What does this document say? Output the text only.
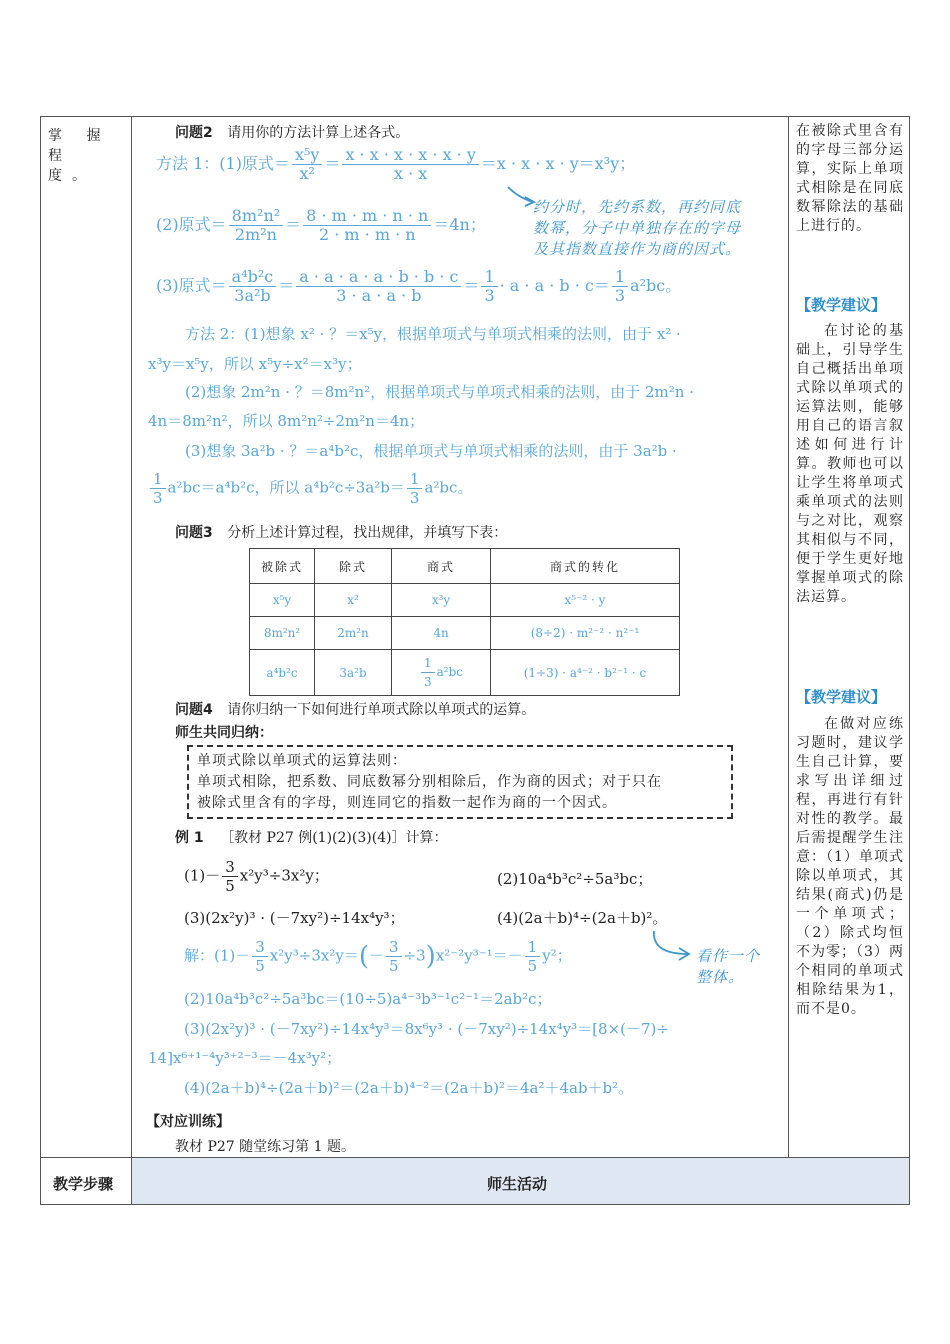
掌 握 程 度。
问题2 请用你的方法计算上述各式。
方法 1：(1)原式＝ $\frac{\text{x⁵y}}{\text{x²}} = \frac{x \cdot x \cdot x \cdot x \cdot x \cdot y}{x \cdot x} =x \cdot x \cdot x \cdot y=x^3y$；
(2)原式＝ $\frac{\text{8m²n²}}{\text{2m²n}} = \frac{8 \cdot m \cdot m \cdot n \cdot n}{2 \cdot m \cdot m \cdot n} =4n$；
(3)原式＝ $\frac{\text{a⁴b²c}}{\text{3a²b}} = \frac{a \cdot a \cdot a \cdot a \cdot b \cdot b \cdot c}{3 \cdot a \cdot a \cdot b} = \frac{1}{3} \cdot a \cdot a \cdot b \cdot c= \frac{1}{3} a^2bc$。
约分时，先约系数，再约同底
数幂，分子中单独存在的字母
及其指数直接作为商的因式。
方法 2：(1)想象 x² · ？＝x⁵y，根据单项式与单项式相乘的法则，由于 x² ·
x³y＝x⁵y，所以 x⁵y÷x²＝x³y；
(2)想象 2m²n · ？＝8m²n²，根据单项式与单项式相乘的法则，由于 2m²n ·
4n＝8m²n²，所以 8m²n²÷2m²n＝4n；
(3)想象 3a²b · ？＝a⁴b²c，根据单项式与单项式相乘的法则，由于 3a²b ·
$\frac{1}{3} a^2bc=a^4b^2c$，所以 $a^4b^2c\div 3a^2b= \frac{1}{3} a^2bc$。
问题3 分析上述计算过程，找出规律，并填写下表：
被除式	除式	商式	商式的转化
x⁵y	x²	x³y	x⁵⁻² · y
8m²n²	2m²n	4n	(8÷2) · m²⁻² · n²⁻¹
a⁴b²c	3a²b	$\frac{1}{3} a^2bc$	(1÷3) · a⁴⁻² · b²⁻¹ · c
问题4 请你归纳一下如何进行单项式除以单项式的运算。
师生共同归纳：
单项式除以单项式的运算法则：
单项式相除，把系数、同底数幂分别相除后，作为商的因式；对于只在
被除式里含有的字母，则连同它的指数一起作为商的一个因式。
例 1 ［教材 P27 例(1)(2)(3)(4)］计算：
$(1)- \frac{3}{5} x^2y^3\div 3x^2y$；	(2)10a⁴b³c²÷5a³bc；
(3)(2x²y)³ · (－7xy²)÷14x⁴y³；	(4)(2a＋b)⁴÷(2a＋b)²。
解：$(1)- \frac{3}{5} x^2y^3\div 3x^2y=(- \frac{3}{5} \div 3)x^{2-2}y^{3-1}=- \frac{1}{5} y^2$；	看作一个
整体。
(2)10a⁴b³c²÷5a³bc＝(10÷5)a⁴⁻³b³⁻¹c²⁻¹＝2ab²c；
(3)(2x²y)³ · (－7xy²)÷14x⁴y³＝8x⁶y³ · (－7xy²)÷14x⁴y³＝[8×(－7)÷
14]x⁶⁺¹⁻⁴y³⁺²⁻³＝－4x³y²；
(4)(2a＋b)⁴÷(2a＋b)²＝(2a＋b)⁴⁻²＝(2a＋b)²＝4a²＋4ab＋b²。
【对应训练】
教材 P27 随堂练习第 1 题。
在被除式里含有的字母三部分运算，实际上单项式相除是在同底数幂除法的基础上进行的。
【教学建议】
在讨论的基础上，引导学生自己概括出单项式除以单项式的运算法则，能够用自己的语言叙述如何进行计算。教师也可以让学生将单项式乘单项式的法则与之对比，观察其相似与不同，便于学生更好地掌握单项式的除法运算。
【教学建议】
在做对应练习题时，建议学生自己计算，要求写出详细过程，再进行有针对性的教学。最后需提醒学生注意：（1）单项式除以单项式，其结果(商式)仍是一个单项式；（2）除式均恒不为零；（3）两个相同的单项式相除结果为1，而不是0。
教学步骤	师生活动
